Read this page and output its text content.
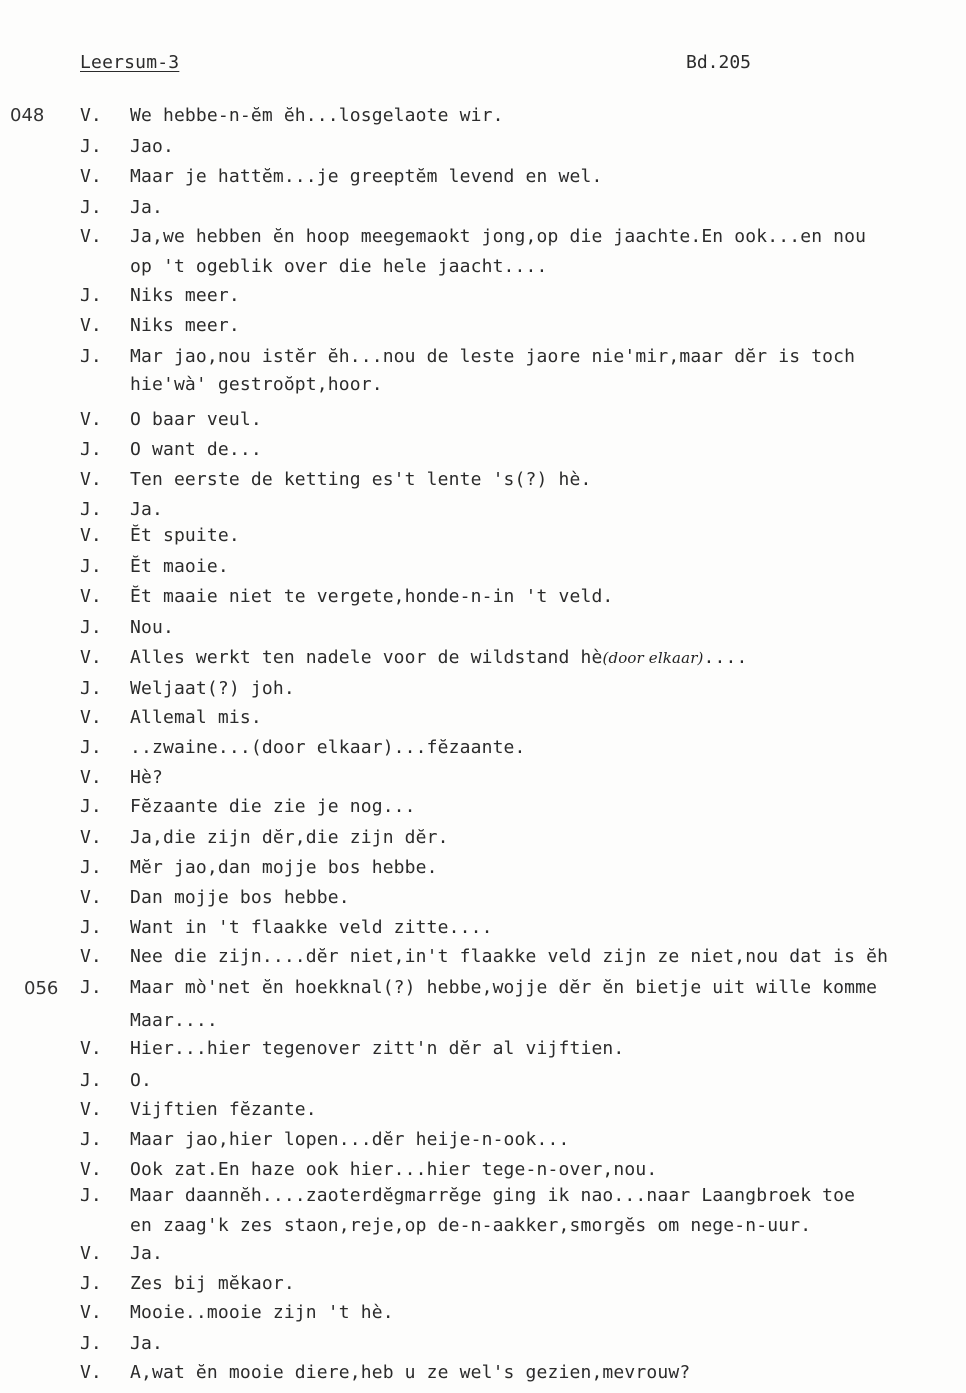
Leersum-3	Bd.205
048
056
V. We hebbe-n-ĕm ĕh...losgelaote wir.
J. Jao.
V. Maar je hattĕm...je greeptĕm levend en wel.
J. Ja.
V. Ja,we hebben ĕn hoop meegemaokt jong,op die jaachte.En ook...en nou
op 't ogeblik over die hele jaacht....
J. Niks meer.
V. Niks meer.
J. Mar jao,nou istĕr ĕh...nou de leste jaore nie'mir,maar dĕr is toch
hie'wà' gestroŏpt,hoor.
V. O baar veul.
J. O want de...
V. Ten eerste de ketting es't lente 's(?) hè.
J. Ja.
V. Ĕt spuite.
J. Ĕt maoie.
V. Ĕt maaie niet te vergete,honde-n-in 't veld.
J. Nou.
V. Alles werkt ten nadele voor de wildstand hè(door elkaar)....
J. Weljaat(?) joh.
V. Allemal mis.
J. ..zwaine...(door elkaar)...fĕzaante.
V. Hè?
J. Fĕzaante die zie je nog...
V. Ja,die zijn dĕr,die zijn dĕr.
J. Mĕr jao,dan mojje bos hebbe.
V. Dan mojje bos hebbe.
J. Want in 't flaakke veld zitte....
V. Nee die zijn....dĕr niet,in't flaakke veld zijn ze niet,nou dat is ĕh
J. Maar mò'net ĕn hoekknal(?) hebbe,wojje dĕr ĕn bietje uit wille komme
Maar....
V. Hier...hier tegenover zitt'n dĕr al vijftien.
J. O.
V. Vijftien fĕzante.
J. Maar jao,hier lopen...dĕr heije-n-ook...
V. Ook zat.En haze ook hier...hier tege-n-over,nou.
J. Maar daannĕh....zaoterdĕgmarrĕge ging ik nao...naar Laangbroek toe
en zaag'k zes staon,reje,op de-n-aakker,smorgĕs om nege-n-uur.
V. Ja.
J. Zes bij mĕkaor.
V. Mooie..mooie zijn 't hè.
J. Ja.
V. A,wat ĕn mooie diere,heb u ze wel's gezien,mevrouw?
